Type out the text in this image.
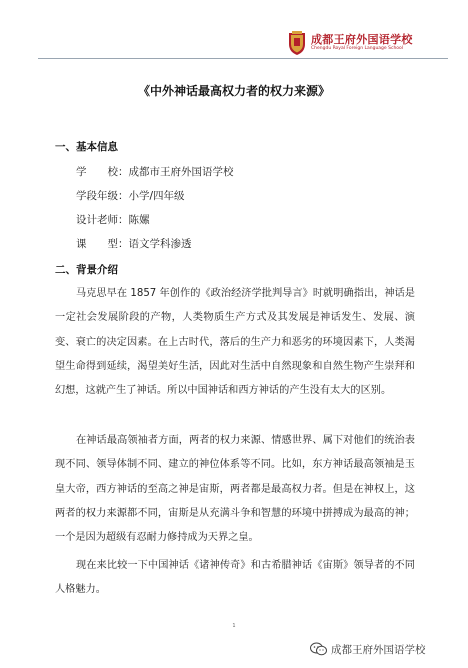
成都王府外国语学校
Chengdu Royal Foreign Language School
《中外神话最高权力者的权力来源》
一、基本信息
学　　校：成都市王府外国语学校
学段年级：小学/四年级
设计老师：陈嫘
课　　型：语文学科渗透
二、背景介绍
马克思早在 1857 年创作的《政治经济学批判导言》时就明确指出，神话是一定社会发展阶段的产物，人类物质生产方式及其发展是神话发生、发展、演变、衰亡的决定因素。在上古时代，落后的生产力和恶劣的环境因素下，人类渴望生命得到延续，渴望美好生活，因此对生活中自然现象和自然生物产生崇拜和幻想，这就产生了神话。所以中国神话和西方神话的产生没有太大的区别。
在神话最高领袖者方面，两者的权力来源、情感世界、属下对他们的统治表现不同、领导体制不同、建立的神位体系等不同。比如，东方神话最高领袖是玉皇大帝，西方神话的至高之神是宙斯，两者都是最高权力者。但是在神权上，这两者的权力来源都不同，宙斯是从充满斗争和智慧的环境中拼搏成为最高的神；一个是因为超级有忍耐力修持成为天界之皇。
现在来比较一下中国神话《诸神传奇》和古希腊神话《宙斯》领导者的不同人格魅力。
1
成都王府外国语学校
